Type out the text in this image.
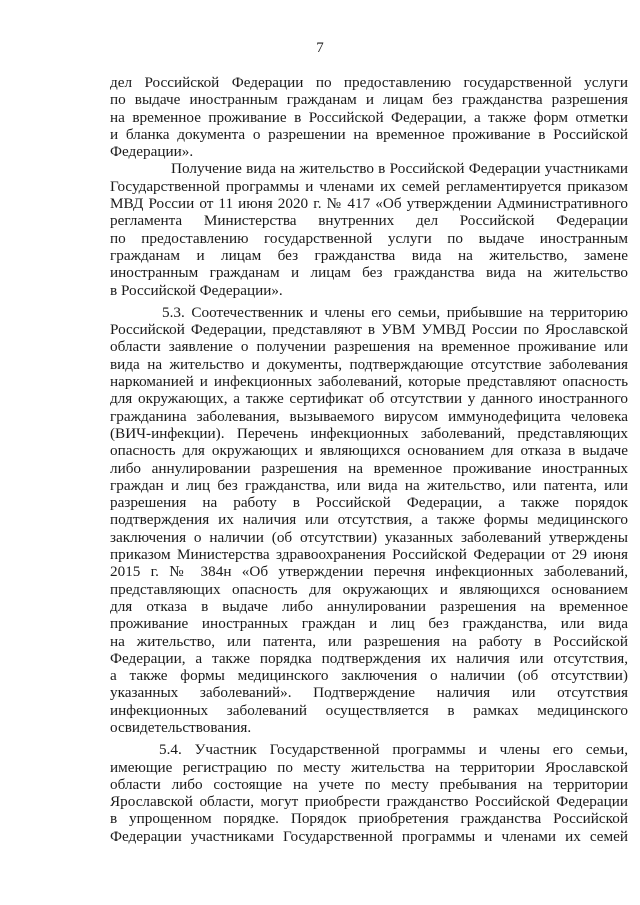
7
дел Российской Федерации по предоставлению государственной услуги
по выдаче иностранным гражданам и лицам без гражданства разрешения
на временное проживание в Российской Федерации, а также форм отметки
и бланка документа о разрешении на временное проживание в Российской
Федерации».
Получение вида на жительство в Российской Федерации участниками
Государственной программы и членами их семей регламентируется приказом
МВД России от 11 июня 2020 г. № 417 «Об утверждении Административного
регламента Министерства внутренних дел Российской Федерации
по предоставлению государственной услуги по выдаче иностранным
гражданам и лицам без гражданства вида на жительство, замене
иностранным гражданам и лицам без гражданства вида на жительство
в Российской Федерации».
5.3. Соотечественник и члены его семьи, прибывшие на территорию
Российской Федерации, представляют в УВМ УМВД России по Ярославской
области заявление о получении разрешения на временное проживание или
вида на жительство и документы, подтверждающие отсутствие заболевания
наркоманией и инфекционных заболеваний, которые представляют опасность
для окружающих, а также сертификат об отсутствии у данного иностранного
гражданина заболевания, вызываемого вирусом иммунодефицита человека
(ВИЧ-инфекции). Перечень инфекционных заболеваний, представляющих
опасность для окружающих и являющихся основанием для отказа в выдаче
либо аннулировании разрешения на временное проживание иностранных
граждан и лиц без гражданства, или вида на жительство, или патента, или
разрешения на работу в Российской Федерации, а также порядок
подтверждения их наличия или отсутствия, а также формы медицинского
заключения о наличии (об отсутствии) указанных заболеваний утверждены
приказом Министерства здравоохранения Российской Федерации от 29 июня
2015 г. № 384н «Об утверждении перечня инфекционных заболеваний,
представляющих опасность для окружающих и являющихся основанием
для отказа в выдаче либо аннулировании разрешения на временное
проживание иностранных граждан и лиц без гражданства, или вида
на жительство, или патента, или разрешения на работу в Российской
Федерации, а также порядка подтверждения их наличия или отсутствия,
а также формы медицинского заключения о наличии (об отсутствии)
указанных заболеваний». Подтверждение наличия или отсутствия
инфекционных заболеваний осуществляется в рамках медицинского
освидетельствования.
5.4. Участник Государственной программы и члены его семьи,
имеющие регистрацию по месту жительства на территории Ярославской
области либо состоящие на учете по месту пребывания на территории
Ярославской области, могут приобрести гражданство Российской Федерации
в упрощенном порядке. Порядок приобретения гражданства Российской
Федерации участниками Государственной программы и членами их семей
